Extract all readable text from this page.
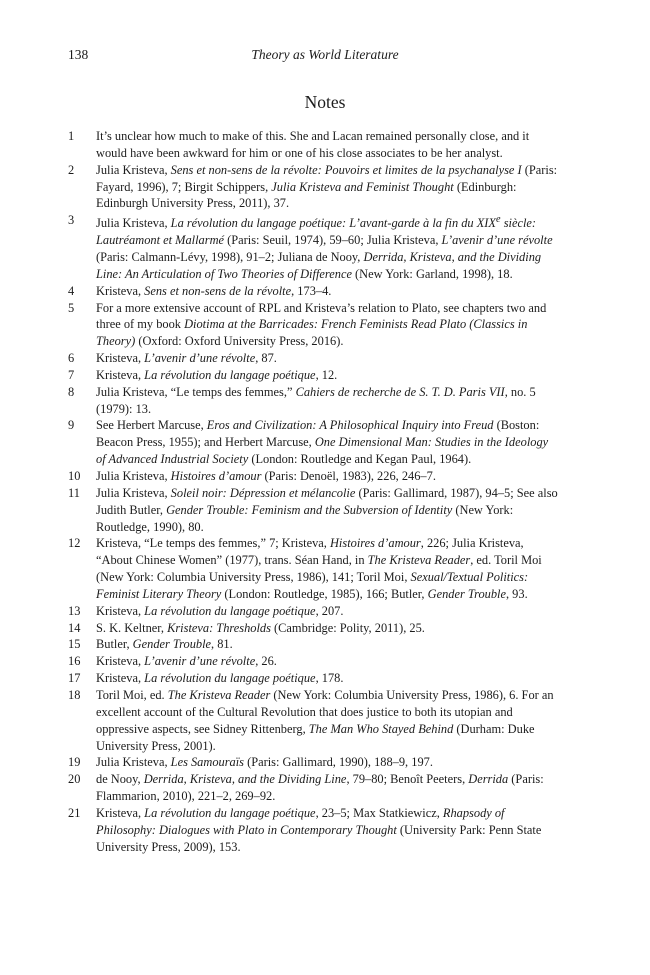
138	Theory as World Literature
Notes
1	It’s unclear how much to make of this. She and Lacan remained personally close, and it would have been awkward for him or one of his close associates to be her analyst.
2	Julia Kristeva, Sens et non-sens de la révolte: Pouvoirs et limites de la psychanalyse I (Paris: Fayard, 1996), 7; Birgit Schippers, Julia Kristeva and Feminist Thought (Edinburgh: Edinburgh University Press, 2011), 37.
3	Julia Kristeva, La révolution du langage poétique: L’avant-garde à la fin du XIXe siècle: Lautréamont et Mallarmé (Paris: Seuil, 1974), 59–60; Julia Kristeva, L’avenir d’une révolte (Paris: Calmann-Lévy, 1998), 91–2; Juliana de Nooy, Derrida, Kristeva, and the Dividing Line: An Articulation of Two Theories of Difference (New York: Garland, 1998), 18.
4	Kristeva, Sens et non-sens de la révolte, 173–4.
5	For a more extensive account of RPL and Kristeva’s relation to Plato, see chapters two and three of my book Diotima at the Barricades: French Feminists Read Plato (Classics in Theory) (Oxford: Oxford University Press, 2016).
6	Kristeva, L’avenir d’une révolte, 87.
7	Kristeva, La révolution du langage poétique, 12.
8	Julia Kristeva, “Le temps des femmes,” Cahiers de recherche de S. T. D. Paris VII, no. 5 (1979): 13.
9	See Herbert Marcuse, Eros and Civilization: A Philosophical Inquiry into Freud (Boston: Beacon Press, 1955); and Herbert Marcuse, One Dimensional Man: Studies in the Ideology of Advanced Industrial Society (London: Routledge and Kegan Paul, 1964).
10	Julia Kristeva, Histoires d’amour (Paris: Denoël, 1983), 226, 246–7.
11	Julia Kristeva, Soleil noir: Dépression et mélancolie (Paris: Gallimard, 1987), 94–5; See also Judith Butler, Gender Trouble: Feminism and the Subversion of Identity (New York: Routledge, 1990), 80.
12	Kristeva, “Le temps des femmes,” 7; Kristeva, Histoires d’amour, 226; Julia Kristeva, “About Chinese Women” (1977), trans. Séan Hand, in The Kristeva Reader, ed. Toril Moi (New York: Columbia University Press, 1986), 141; Toril Moi, Sexual/Textual Politics: Feminist Literary Theory (London: Routledge, 1985), 166; Butler, Gender Trouble, 93.
13	Kristeva, La révolution du langage poétique, 207.
14	S. K. Keltner, Kristeva: Thresholds (Cambridge: Polity, 2011), 25.
15	Butler, Gender Trouble, 81.
16	Kristeva, L’avenir d’une révolte, 26.
17	Kristeva, La révolution du langage poétique, 178.
18	Toril Moi, ed. The Kristeva Reader (New York: Columbia University Press, 1986), 6. For an excellent account of the Cultural Revolution that does justice to both its utopian and oppressive aspects, see Sidney Rittenberg, The Man Who Stayed Behind (Durham: Duke University Press, 2001).
19	Julia Kristeva, Les Samouraïs (Paris: Gallimard, 1990), 188–9, 197.
20	de Nooy, Derrida, Kristeva, and the Dividing Line, 79–80; Benoît Peeters, Derrida (Paris: Flammarion, 2010), 221–2, 269–92.
21	Kristeva, La révolution du langage poétique, 23–5; Max Statkiewicz, Rhapsody of Philosophy: Dialogues with Plato in Contemporary Thought (University Park: Penn State University Press, 2009), 153.
